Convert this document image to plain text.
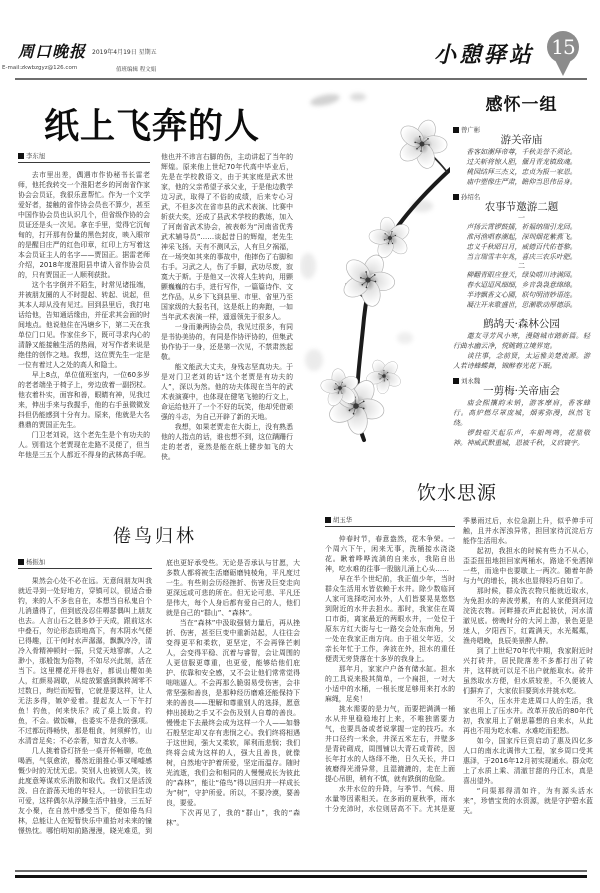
周口晚报 2019年4月19日 星期五
E-mail:zkwbzgyz@126.com	值班编辑 程文娟
小憩驿站 15
纸上飞奔的人
李东旭

去市里出差，偶遇市作协秘书长雷老师，他托我转交一个淮阳老乡的河南省作家协会会员证，我很乐意帮忙。作为一个文学爱好者，接触的省作协会员也不算少，甚至中国作协会员也认识几个，但省级作协的会员证还是头一次见。拿在手里，觉得它沉甸甸的，打开那有份量的黑色封皮，映入眼帘的是醒目庄严的红色印章，红印上方写着这本会员证主人的名字——贾国正。据雷老师介绍，2018年度淮阳县申请入省作协会员的，只有贾国正一人顺利获批。

这个名字倒并不陌生，时常见诸报端，并被朋友圈的人不时提起、转起、说起，但其本人却从没有见过。回到县里后，我打电话给他，告知通话缘由，并征求其会面的时间地点。他说他住在冯塘乡下，第二天在我单位门口见。作家住乡下，既可寻求内心的清静又能接触生活的热闹，对写作者来说是绝佳的创作之地。我想，这位贾先生一定是一位有着过人之处的高人和隐士。

早上8点，单位值班室内，一位60多岁的老者端坐于椅子上，旁边放着一副拐杖。他衣着朴实，面容和善，眼睛有神，见我过来，伸出手来与我握手，他的右手虽微微发抖但仍能感到十分有力。原来，他就是大名鼎鼎的贾国正先生。

门卫老刘说，这个老先生是个有功夫的人。别看这个老贾现在走路不灵便了，但当年他是三五个人都近不得身的武林高手呢。他也并不讳言右脚的伤，主动讲起了当年的辉煌。原来他上世纪70年代高中毕业后，先是在学校教语文，由于其家庭是武术世家，他的父亲希望子承父业，于是他边教学边习武，取得了不俗的成绩，后来专心习武，不但多次在省市县的武术表演、比赛中斩获大奖，还成了县武术学校的教练，加入了河南省武术协会，被表彰为“河南省优秀武术辅导员”……谈起昔日的辉煌，老先生神采飞扬。天有不测风云，人有旦夕祸福，在一场突如其来的事故中，他摔伤了右脚和右手。习武之人，伤了手脚，武功尽废，寂寞大于斯。于是他又一次将人生转向，用颤颤巍巍的右手，进行写作，一篇篇诗作、文艺作品，从乡下飞到县里、市里、省里乃至国家级的大报名刊，这是纸上的奔跑，一如当年武术表演一样，遥遥领先于很多人。

一身而兼两协会员，我见过很多，有同是书协美协的，有同是作协评协的，但集武协作协于一身，还是第一次见，不禁肃然起敬。

能文能武大丈夫，身残志坚真功夫。于是对门卫老刘的话“这个老贾是有功夫的人”，深以为然。他的功夫体现在当年的武术表演赛中，也体现在健笔飞驰的行文上，命运给他开了一个不好的玩笑，他却凭借顽强的斗志，为自己开辟了新的天地。

我想，如果老贾走在大街上，没有熟悉他的人指点的话，谁也想不到，这位蹒跚行走的老者，竟然是能在纸上健步如飞的大侠。

感怀一组
曾广彬
游关帝庙
香客如潮拜帝尊，千秋美誉不须论。
过关斩将惊人胆，偃月青龙镇敌魂。
桃园结拜三杰义，忠贞为报一家恩。
庙中塑像庄严肃，瞻仰当思伟岳身。
孙绍名
农事节邀游二题
一
声扬云霄锣鼓擂，祈福纳瑞引龙回。
淮河渔唱春潮起，深圳烟花紫燕飞。
忠义千秋昭日月，威德百代佑苍黎。
当言瑞雪丰年兆，喜庆三农乐叶肥。
二
柳翻青眼应登天，绿染晴川诗满园。
春水迢迢风细细，乡音袅袅意绵绵。
半诗飘香文心圃，联句明清妙语连。
凝注开来歌盛世，思潮歌动厚德添。
鹧鸪天·森林公园

邀友寻芳风小寒，漫随城市踏新篇。轻行曲水幽云净，悦眺鹤立境界宽。

谈往事，念前贤，太运雅美楚流源。游人若诗蜂蝶舞，锦醉春光花下眠。

刘永魏
一剪梅·关帝庙会

庙会熙攘韵未销，游客摩肩，香客蜂行。高炉燃尽罩庞城，烟雾弥漫，纵然飞绕。

锣鼓喧天起乐声，车船鸣鸣，花篮敬神。神威武默重城，恩被千秋，义启寰宇。

倦鸟归林
杨振加

果然会心处不必在远。无意间朋友叫我就近寻到一处好地方，穿镇可以，很适合垂钓，来的人不多也自在，本想当自私鬼自个儿消遣得了，但到底没忍住嘚瑟偶叫上朋友也去。人言山石之胜多妙于天成，跟前这水中叠石，勿论形态质地高下，有木阴水气便已得趣，江干何时水声潺潺，飘飘冷冷，清冷入骨精神顿时一振，只觉天地寥廓，人之渺小，那般饱为俗物，不如尽兴此刻，活在当下。这里樱花开得也好，都说山樱如美人，红颜易凋歇，从绽放繁盛到飘转凋零不过数日，绚烂而短暂，它就是要这样，让人无法多得，嫉妒爱着。提起友人一下午打鱼！钓鱼，何来快乐？成了桌上饭食。钓鱼，不会。做饭嘛，也委实不是我的强项。不过都玩得畅快，那是粗食，何须鲜竹，山水清音足矣；不必亲奢，知音友人亦够。

几人挑着昏灯挤坐一桌开怀畅聊，吃鱼喝酒，气氛愈浓，蓦然近朋推心事又唏嘘感慨少时的无忧无虑。笑别人也被别人笑，彼此度意筹谋欢乐消散和取代。我们又是活泼泼、自在游荡天地的年轻人，一切依旧生动可爱，这样偶尔从浮躁生活中抽身，三五好友小聚，在自然中感受当下，便如倦鸟归林，总能让人在短暂快乐中重拾对未来的憧憬热忱。哪怕明知前路漫漫，晓光难觅，到底也更好承受些。无论是否承认与甘愿，大多数人都将被生活磨砺磨钝棱角，平凡度过一生。有些则会历经挫折、伤害及巨变走向更深远或可悲的所在。但无论可悲、平凡还是伟大，每个人身后都有爱自己的人，他们就是自己的“群山”、“森林”。

当在“森林”中汲取强韧力量后，再从挫折、伤害，甚至巨变中重新站起，人往往会变得更平和柔软，更坚定，不会再锋芒刺人，会变得平稳、沉着与睿智，会让周围的人更信服更尊重，也更爱，能够给他们庇护、依靠和安全感，又不会让他们常常觉得咄咄逼人。不会再那么脆弱易受伤害，会非常坚强和善良，是那种经历磨难还能保持下来的善良——理解和尊重别人的选择，愿意伸出援助之手又不会伤及别人自尊的善良。慢慢走下去最终会成为这样一个人——如磐石般坚定却又存有悲悯之心。我们终将相遇于这世间，强大又柔软，犀利而悲悯；我们终将会成为这样的人，强大且善良，就像树，自然地守护着所爱，坚定而温存。随时光流逝，我们会和相同的人慢慢成长为彼此的“森林”，能让“倦鸟”得以回归并一样成长为“树”，守护所爱。所以，不要冷漠，要善良，要爱。

下次再见了，我的“群山”，我的“森林”。

饮水思源
胡玉华

仲春时节，春意盎然，花木争荣。一个周六下午，闲来无事，洗桶接水浇浇花。瞅着哗哗流淌的自来水，我陷自出神，吃水难的往事一股脑儿涌上心头……

早在半个世纪前，我正值少年，当时群众生活用水皆依赖于水井。除少数临河人家可选择吃河水外，人们皆要晃晃悠悠到附近的水井去担水。那时，我家住在周口市街，离家最近的两眼水井，一处位于原东方红大街与七一路交会处东南角，另一处在我家正南方向。由于祖父年迈，父亲长年忙于工作，奔波在外，担水的重任便责无旁贷落在十多岁的我身上。

那年月，家家户户备有储水缸。担水的工具说来极其简单，一个扁担，一对大小适中的水桶，一根长度足够用来打水的麻绳，足矣！

挑水需要的是力气，而要把满满一桶水从井里稳稳地打上来，不唯独需要力气，也要具备或者说掌握一定的技巧。水井口径约一米余，井深五米左右，井壁多是青砖砌成，周围铺以大青石或青砖，因长年打水的人络绎不绝，日久天长，井口被磨得光滑异常，且湿漉漉的，走在上面提心吊胆，稍有不慎，就有跌倒的危险。

水井水位的升降，与季节、气候、用水量等因素相关。在多雨的夏秋季，雨水十分充沛时，水位则居高不下。尤其是夏季暴雨过后，水位急剧上升，似乎伸手可触，且井水浑浊异常，担回家待沉淀后方能作生活用水。

起初，我担水的时候有些力不从心，歪歪扭扭地担回家两桶水，路途不免洒掉一些，而途中也要歇上一两次。随着年龄与力气的增长，挑水也显得轻巧自如了。

那时候，群众洗衣物只能就近取水，为免担水的奔波劳累，有的人家便到河边浣洗衣物。河畔捶衣声此起彼伏，河水清澈见底。傍晚时分的大河上游，景色更是迷人，夕阳西下，红霞满天，水光粼粼，渔舟唱晚，良辰美景醉人醉。

到了上世纪70年代中期，我家附近时兴打砖井，居民院落差不多都打出了砖井，这样就可以足不出户就能取水。砖井虽然取水方便，但水质较差，不久便被人们摒弃了，大家依旧要到水井挑水吃。

不久，压水井走进周口人的生活，我家也用上了压水井。改革开放后的80年代初，我家用上了朝思暮想的自来水，从此再也不用为吃水难、水难吃而犯愁。

如今，国家斥巨资启动了惠及四亿多人口的南水北调伟大工程，家乡周口受其惠泽，于2016年12月初实现通水。群众吃上了水质上乘、清澈甘甜的丹江水，真是喜出望外。

“问渠那得清如许，为有源头活水来”，珍惜宝贵的水资源，就是守护碧水蓝天。
